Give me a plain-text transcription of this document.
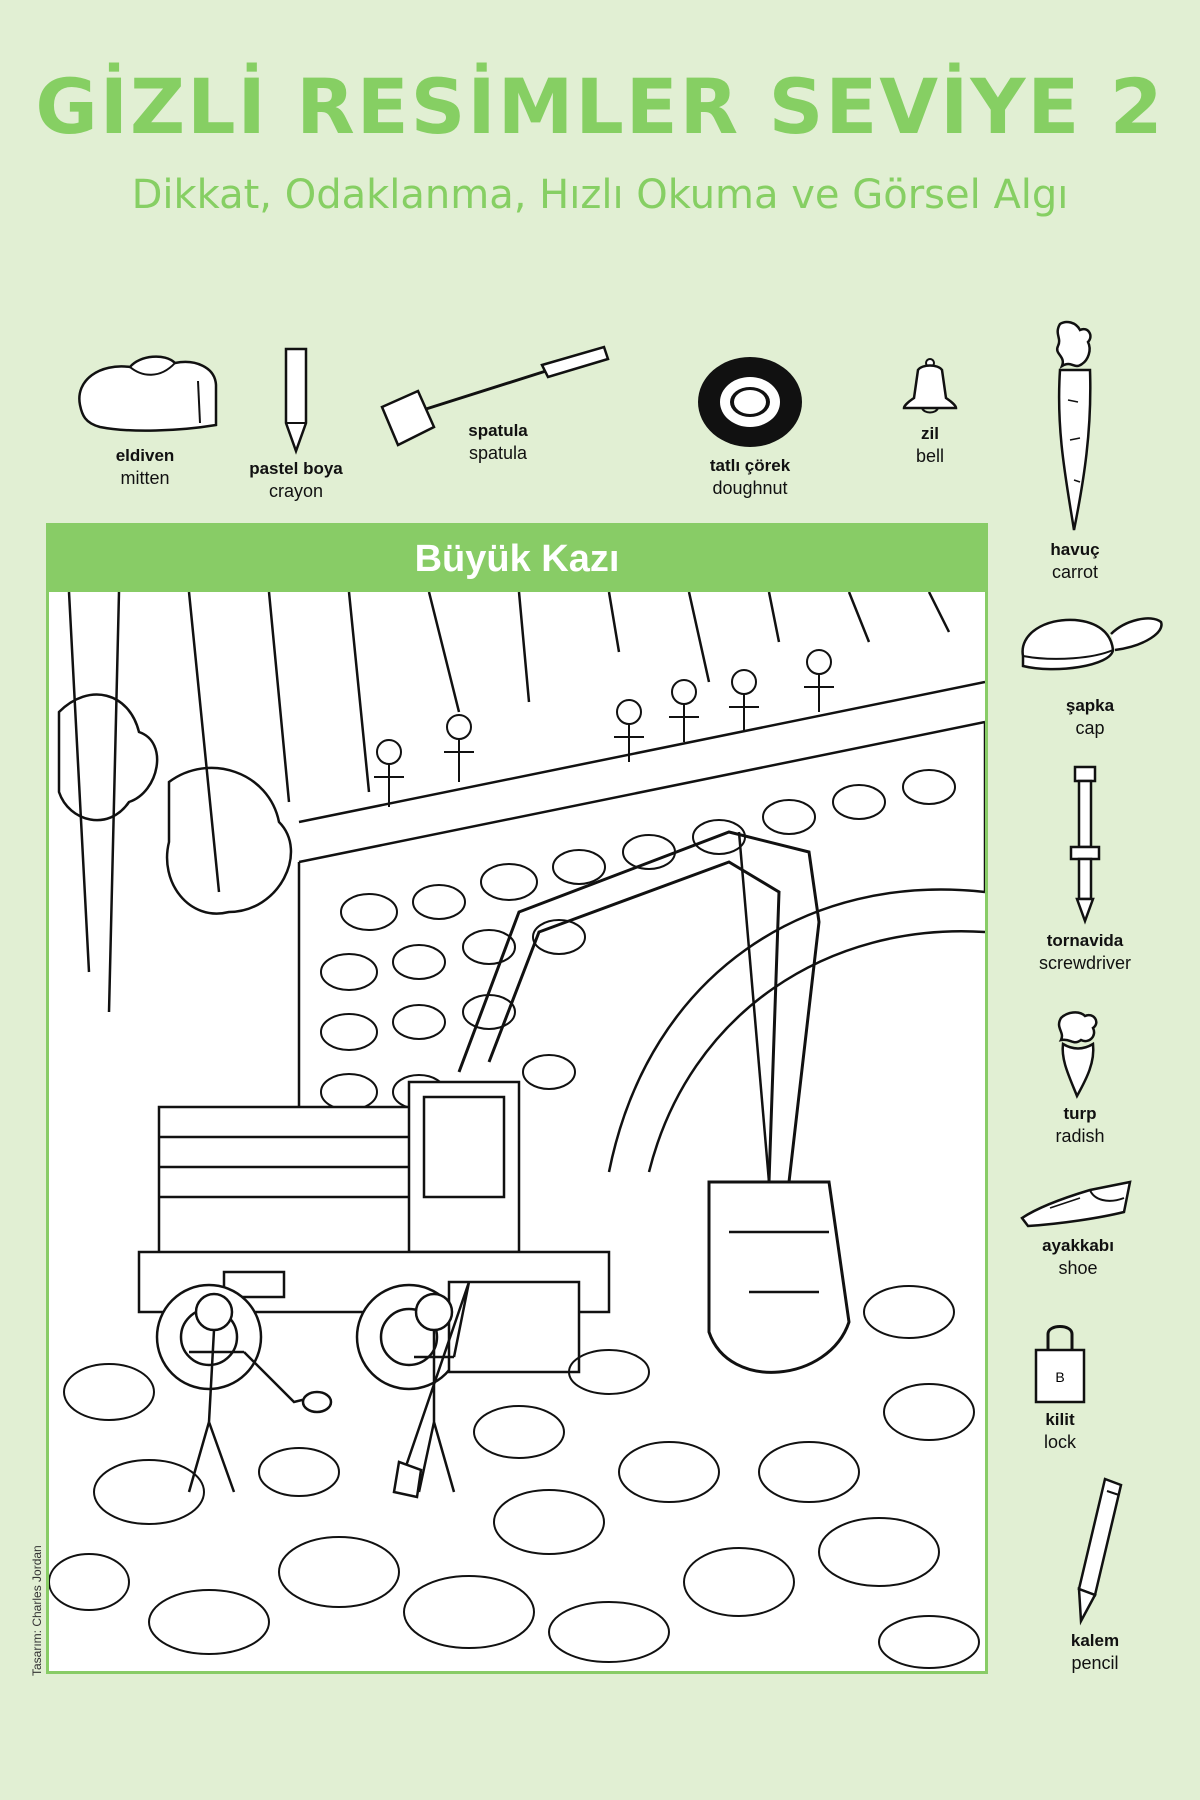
GİZLİ RESİMLER SEVİYE 2
Dikkat, Odaklanma, Hızlı Okuma ve Görsel Algı
eldiven
mitten	pastel boya
crayon
spatula
spatula
tatlı çörek
doughnut
zil
bell
havuç
carrot
şapka
cap
tornavida
screwdriver
turp
radish
ayakkabı
shoe
B
kilit
lock
kalem
pencil
Büyük Kazı
Tasarım: Charles Jordan
